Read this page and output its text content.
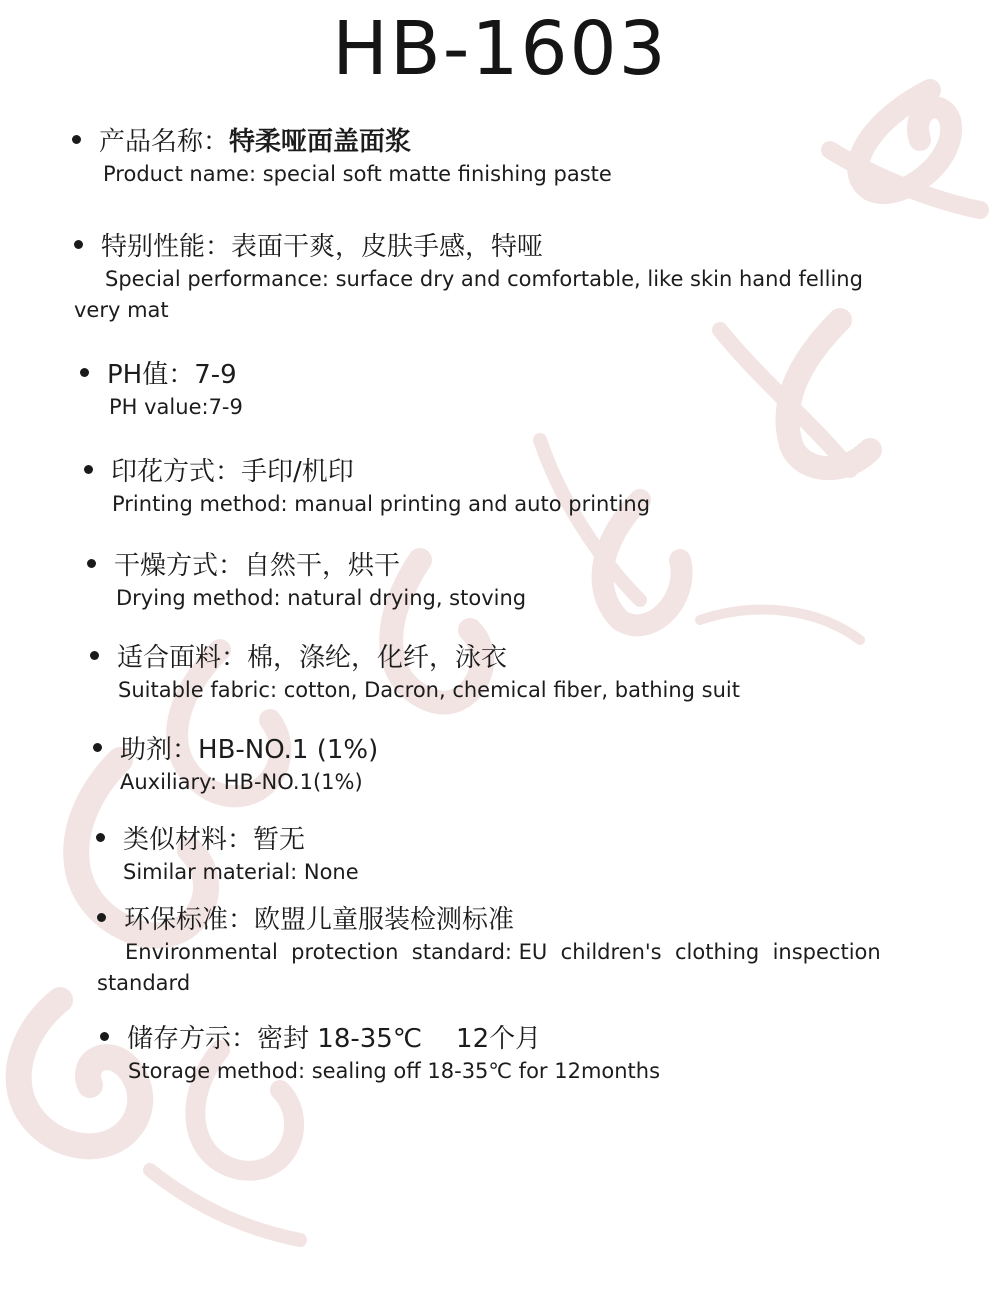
HB-1603
产品名称：特柔哑面盖面浆
Product name: special soft matte finishing paste
特别性能：表面干爽，皮肤手感，特哑
Special performance: surface dry and comfortable, like skin hand felling
very mat
PH值：7-9
PH value:7-9
印花方式：手印/机印
Printing method: manual printing and auto printing
干燥方式：自然干，烘干
Drying method: natural drying, stoving
适合面料：棉，涤纶，化纤，泳衣
Suitable fabric: cotton, Dacron, chemical fiber, bathing suit
助剂：HB-NO.1 (1%)
Auxiliary: HB-NO.1(1%)
类似材料：暂无
Similar material: None
环保标准：欧盟儿童服装检测标准
Environmental  protection  standard: EU  children's  clothing  inspection
standard
储存方示：密封 18-35℃ 12个月
Storage method: sealing off 18-35℃ for 12months
